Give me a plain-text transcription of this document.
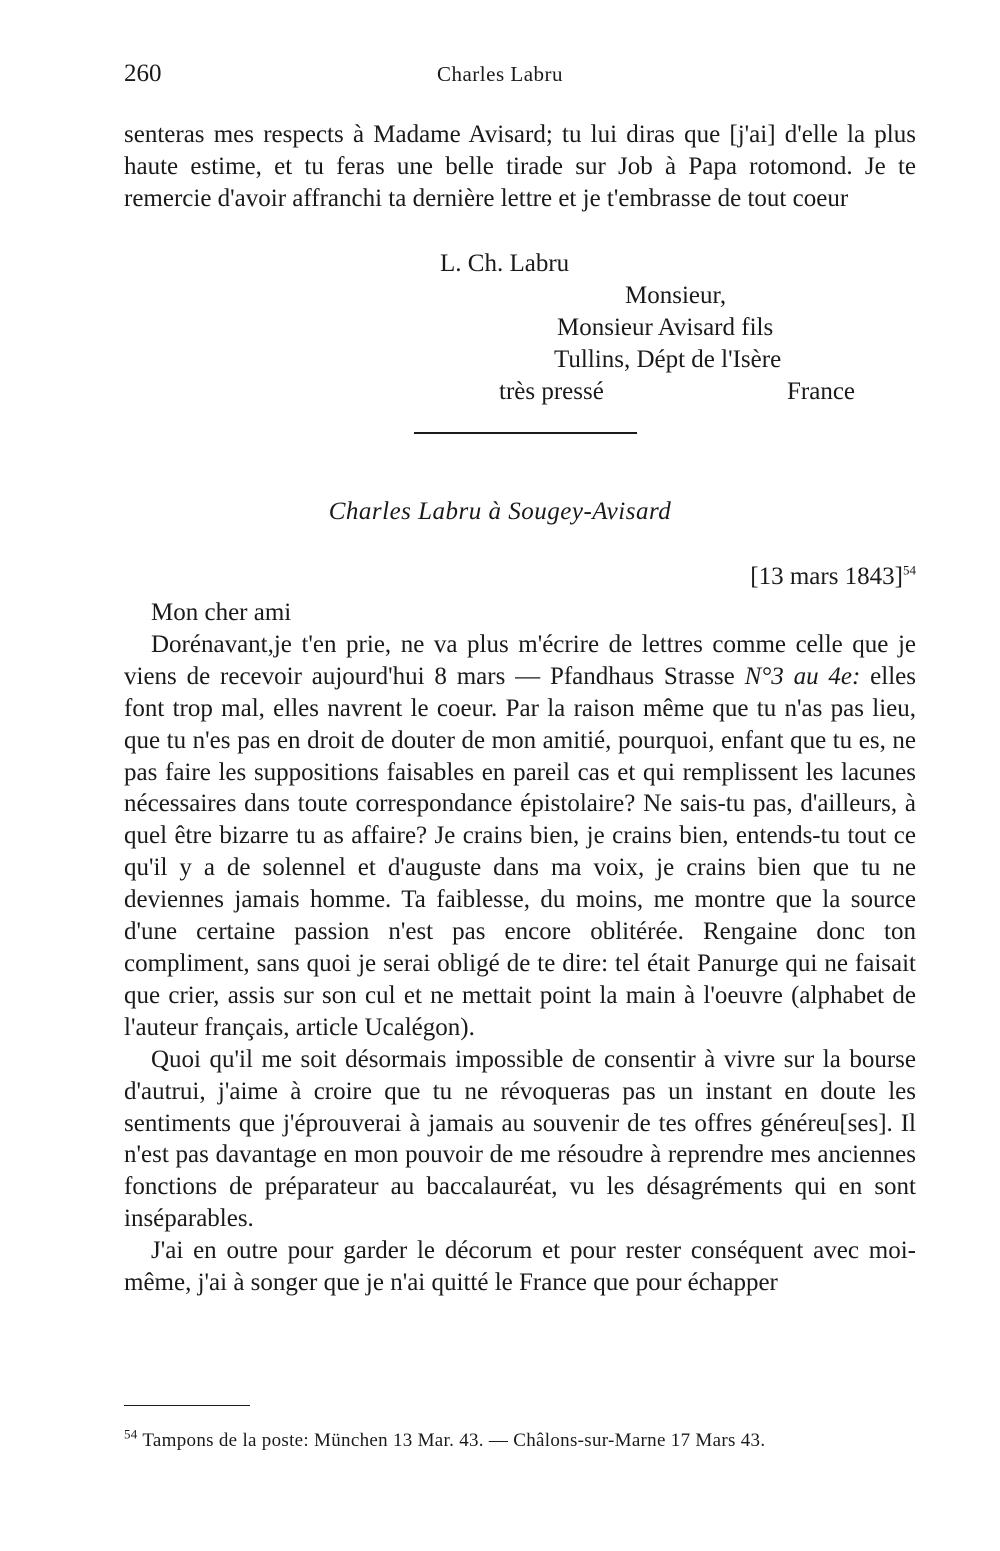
260	Charles Labru

senteras mes respects à Madame Avisard; tu lui diras que [j'ai] d'elle la plus haute estime, et tu feras une belle tirade sur Job à Papa rotomond. Je te remercie d'avoir affranchi ta dernière lettre et je t'embrasse de tout coeur

L. Ch. Labru
Monsieur,
Monsieur Avisard fils
Tullins, Dépt de l'Isère
très pressé	France
Charles Labru à Sougey-Avisard
[13 mars 1843]$^{54}$

Mon cher ami

Dorénavant,je t'en prie, ne va plus m'écrire de lettres comme celle que je viens de recevoir aujourd'hui 8 mars — Pfandhaus Strasse N°3 au 4e: elles font trop mal, elles navrent le coeur. Par la raison même que tu n'as pas lieu, que tu n'es pas en droit de douter de mon amitié, pourquoi, enfant que tu es, ne pas faire les suppositions faisables en pareil cas et qui remplissent les lacunes nécessaires dans toute correspondance épistolaire? Ne sais-tu pas, d'ailleurs, à quel être bizarre tu as affaire? Je crains bien, je crains bien, entends-tu tout ce qu'il y a de solennel et d'auguste dans ma voix, je crains bien que tu ne deviennes jamais homme. Ta faiblesse, du moins, me montre que la source d'une certaine passion n'est pas encore oblitérée. Rengaine donc ton compliment, sans quoi je serai obligé de te dire: tel était Panurge qui ne faisait que crier, assis sur son cul et ne mettait point la main à l'oeuvre (alphabet de l'auteur français, article Ucalégon).

Quoi qu'il me soit désormais impossible de consentir à vivre sur la bourse d'autrui, j'aime à croire que tu ne révoqueras pas un instant en doute les sentiments que j'éprouverai à jamais au souvenir de tes offres généreu[ses]. Il n'est pas davantage en mon pouvoir de me résoudre à reprendre mes anciennes fonctions de préparateur au baccalauréat, vu les désagréments qui en sont inséparables.

J'ai en outre pour garder le décorum et pour rester conséquent avec moi-même, j'ai à songer que je n'ai quitté le France que pour échapper

$^{54}$ Tampons de la poste: München 13 Mar. 43. — Châlons-sur-Marne 17 Mars 43.
